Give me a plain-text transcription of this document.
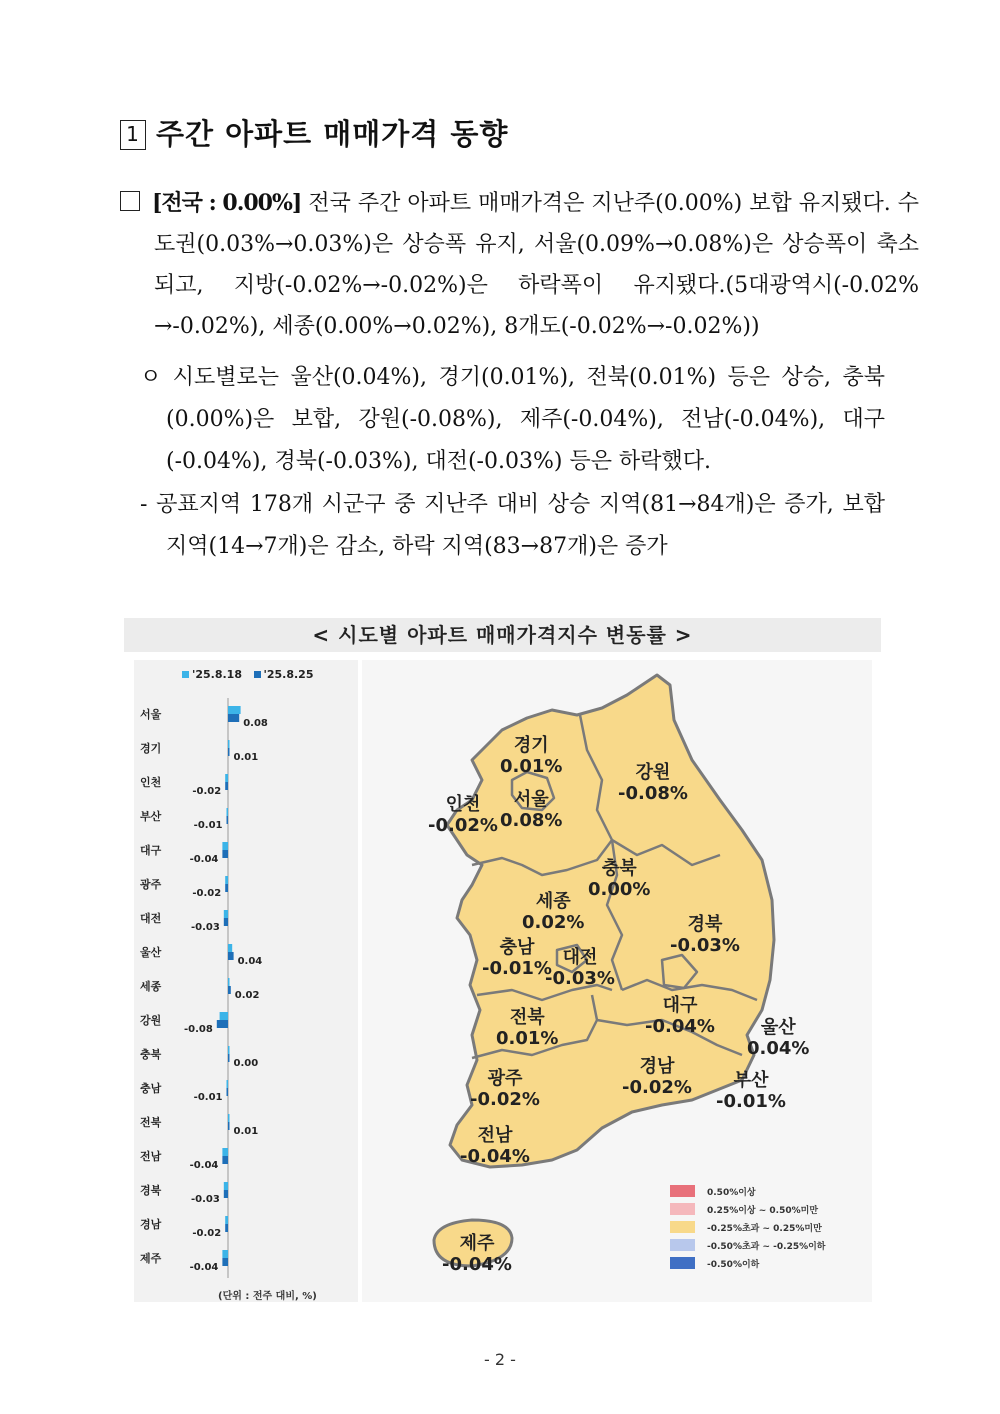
1 주간 아파트 매매가격 동향
[전국 : 0.00%] 전국 주간 아파트 매매가격은 지난주(0.00%) 보합 유지됐다. 수도권(0.03%→0.03%)은 상승폭 유지, 서울(0.09%→0.08%)은 상승폭이 축소되고, 지방(-0.02%→-0.02%)은 하락폭이 유지됐다.(5대광역시(-0.02% →-0.02%), 세종(0.00%→0.02%), 8개도(-0.02%→-0.02%))
ㅇ 시도별로는 울산(0.04%), 경기(0.01%), 전북(0.01%) 등은 상승, 충북(0.00%)은 보합, 강원(-0.08%), 제주(-0.04%), 전남(-0.04%), 대구(-0.04%), 경북(-0.03%), 대전(-0.03%) 등은 하락했다.
- 공표지역 178개 시군구 중 지난주 대비 상승 지역(81→84개)은 증가, 보합 지역(14→7개)은 감소, 하락 지역(83→87개)은 증가
< 시도별 아파트 매매가격지수 변동률 >
'25.8.18 '25.8.25
서울
0.08
경기
0.01
인천
-0.02
부산
-0.01
대구
-0.04
광주
-0.02
대전
-0.03
울산
0.04
세종
0.02
강원
-0.08
충북
0.00
충남
-0.01
전북
0.01
전남
-0.04
경북
-0.03
경남
-0.02
제주
-0.04
(단위 : 전주 대비, %)
경기
0.01%	강원
-0.08%
인천
-0.02%
서울
0.08%
충북
0.00%
세종
0.02%	경북
-0.03%
충남
-0.01%
대전
-0.03%
대구
-0.04%
전북
0.01%
울산
0.04%
경남
-0.02%
광주
-0.02%
부산
-0.01%
전남
-0.04%
제주
-0.04%
0.50%이상
0.25%이상 ~ 0.50%미만
-0.25%초과 ~ 0.25%미만
-0.50%초과 ~ -0.25%이하
-0.50%이하
- 2 -
